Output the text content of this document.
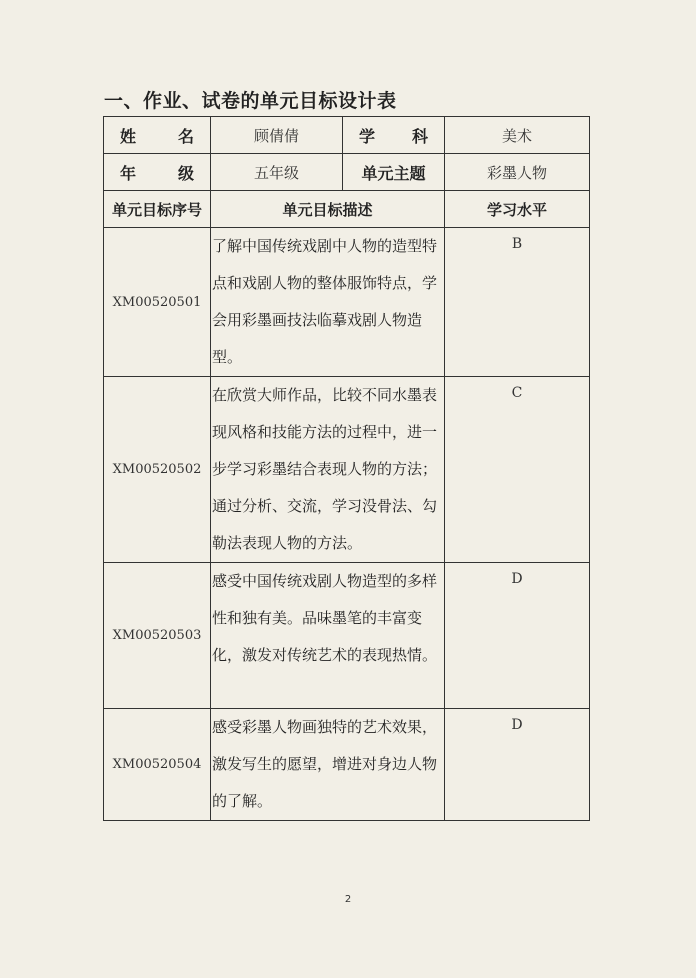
一、作业、试卷的单元目标设计表
姓 名	顾倩倩	学 科	美术

年 级	五年级	单元主题	彩墨人物
单元目标序号	单元目标描述		学习水平
XM00520501	了解中国传统戏剧中人物的造型特点和戏剧人物的整体服饰特点，学会用彩墨画技法临摹戏剧人物造型。		B
XM00520502	在欣赏大师作品，比较不同水墨表现风格和技能方法的过程中，进一步学习彩墨结合表现人物的方法；通过分析、交流，学习没骨法、勾勒法表现人物的方法。		C
XM00520503	感受中国传统戏剧人物造型的多样性和独有美。品味墨笔的丰富变化，激发对传统艺术的表现热情。		D
XM00520504	感受彩墨人物画独特的艺术效果，激发写生的愿望，增进对身边人物的了解。		D
2
